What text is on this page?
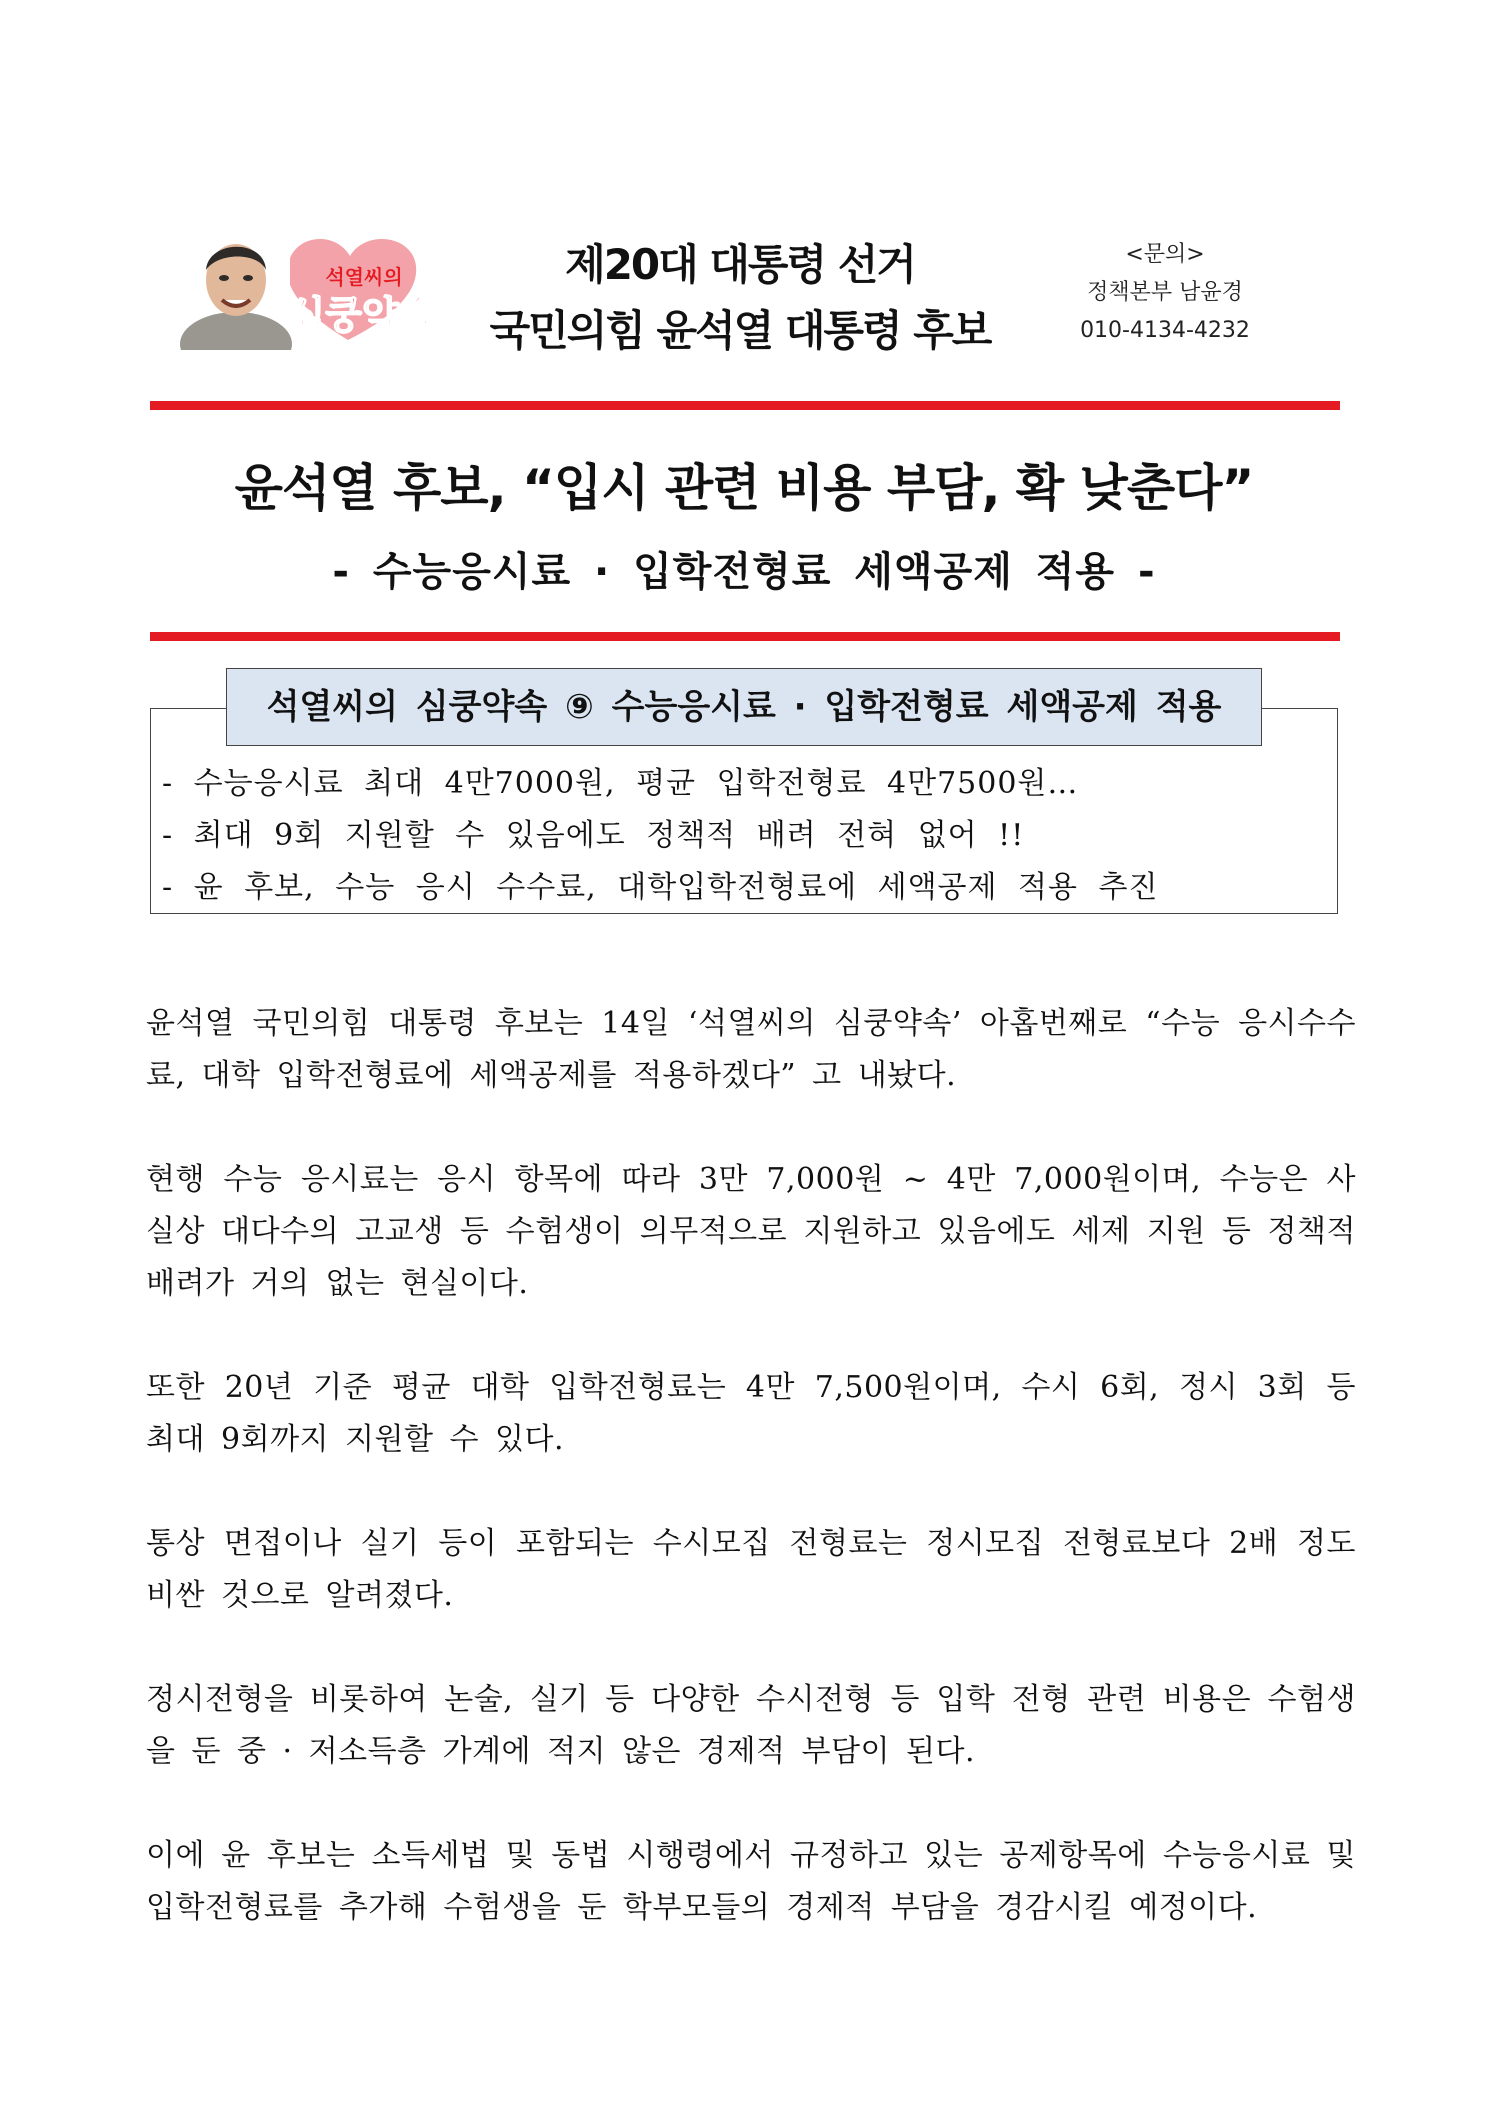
석열씨의
심쿵약속
제20대 대통령 선거
국민의힘 윤석열 대통령 후보
<문의>
정책본부 남윤경
010-4134-4232
윤석열 후보, “입시 관련 비용 부담, 확 낮춘다”
- 수능응시료 · 입학전형료 세액공제 적용 -
석열씨의 심쿵약속 ⑨ 수능응시료 · 입학전형료 세액공제 적용
- 수능응시료 최대 4만7000원, 평균 입학전형료 4만7500원…
- 최대 9회 지원할 수 있음에도 정책적 배려 전혀 없어 !!
- 윤 후보, 수능 응시 수수료, 대학입학전형료에 세액공제 적용 추진

윤석열 국민의힘 대통령 후보는 14일 ‘석열씨의 심쿵약속’ 아홉번째로 “수능 응시수수료, 대학 입학전형료에 세액공제를 적용하겠다” 고 내놨다.

현행 수능 응시료는 응시 항목에 따라 3만 7,000원 ~ 4만 7,000원이며, 수능은 사실상 대다수의 고교생 등 수험생이 의무적으로 지원하고 있음에도 세제 지원 등 정책적 배려가 거의 없는 현실이다.

또한 20년 기준 평균 대학 입학전형료는 4만 7,500원이며, 수시 6회, 정시 3회 등 최대 9회까지 지원할 수 있다.

통상 면접이나 실기 등이 포함되는 수시모집 전형료는 정시모집 전형료보다 2배 정도 비싼 것으로 알려졌다.

정시전형을 비롯하여 논술, 실기 등 다양한 수시전형 등 입학 전형 관련 비용은 수험생을 둔 중 · 저소득층 가계에 적지 않은 경제적 부담이 된다.

이에 윤 후보는 소득세법 및 동법 시행령에서 규정하고 있는 공제항목에 수능응시료 및 입학전형료를 추가해 수험생을 둔 학부모들의 경제적 부담을 경감시킬 예정이다.
